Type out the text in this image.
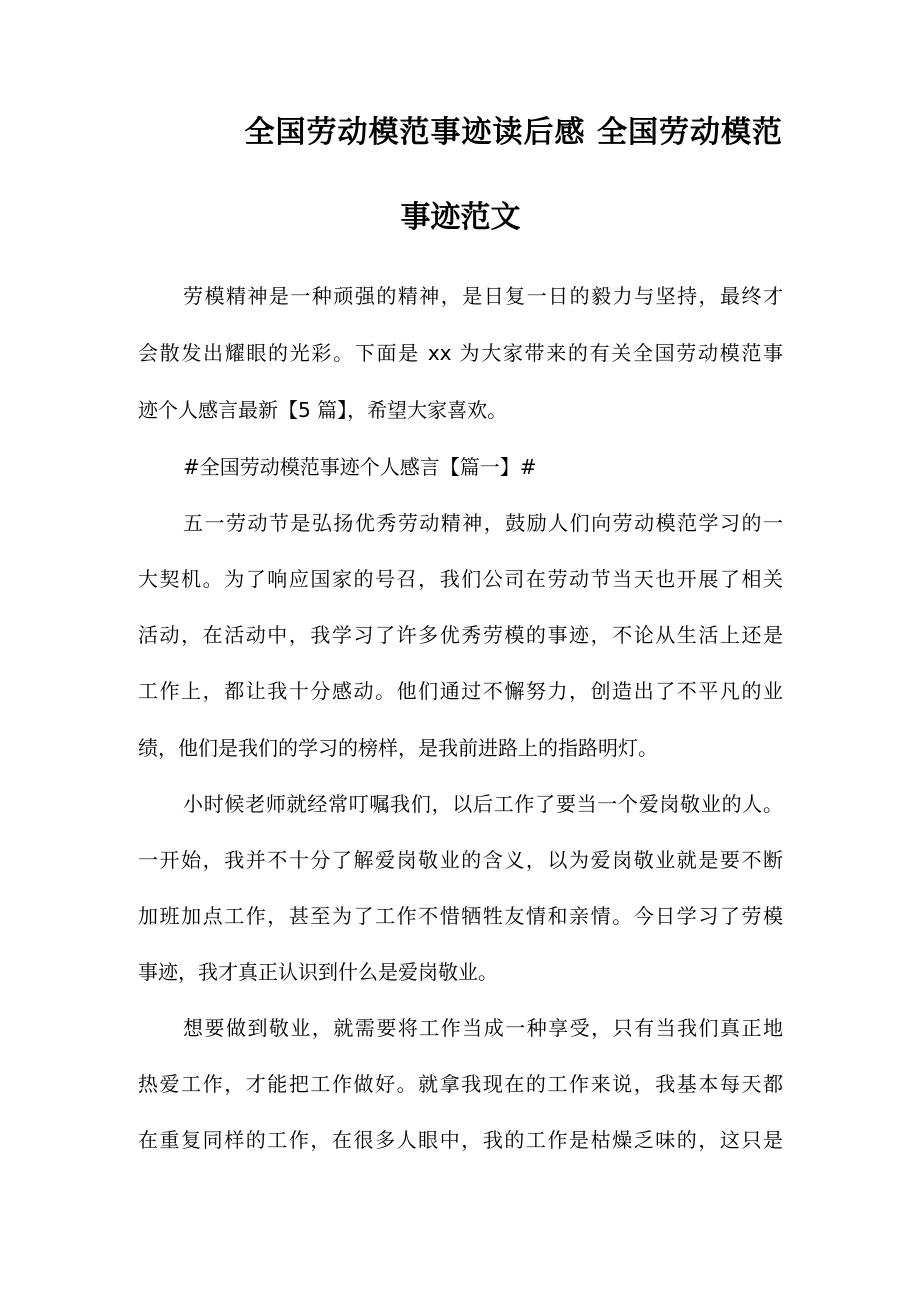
全国劳动模范事迹读后感 全国劳动模范
事迹范文

劳模精神是一种顽强的精神，是日复一日的毅力与坚持，最终才

会散发出耀眼的光彩。下面是 xx 为大家带来的有关全国劳动模范事

迹个人感言最新【5 篇】，希望大家喜欢。

#全国劳动模范事迹个人感言【篇一】#

五一劳动节是弘扬优秀劳动精神，鼓励人们向劳动模范学习的一

大契机。为了响应国家的号召，我们公司在劳动节当天也开展了相关

活动，在活动中，我学习了许多优秀劳模的事迹，不论从生活上还是

工作上，都让我十分感动。他们通过不懈努力，创造出了不平凡的业

绩，他们是我们的学习的榜样，是我前进路上的指路明灯。

小时候老师就经常叮嘱我们，以后工作了要当一个爱岗敬业的人。

一开始，我并不十分了解爱岗敬业的含义，以为爱岗敬业就是要不断

加班加点工作，甚至为了工作不惜牺牲友情和亲情。今日学习了劳模

事迹，我才真正认识到什么是爱岗敬业。

想要做到敬业，就需要将工作当成一种享受，只有当我们真正地

热爱工作，才能把工作做好。就拿我现在的工作来说，我基本每天都

在重复同样的工作，在很多人眼中，我的工作是枯燥乏味的，这只是
